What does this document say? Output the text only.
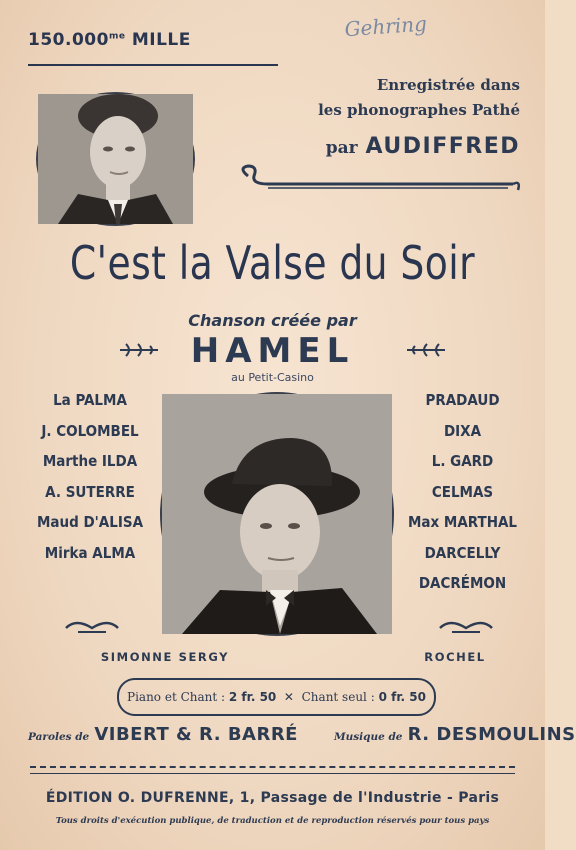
$150.000^{me}$ MILLE	Gehring
Enregistrée dans
les phonographes Pathé
par AUDIFFRED
C'est la Valse du Soir
Chanson créée par
HAMEL
au Petit-Casino
La PALMA
J. COLOMBEL
Marthe ILDA
A. SUTERRE
Maud D'ALISA
Mirka ALMA
PRADAUD
DIXA
L. GARD
CELMAS
Max MARTHAL
DARCELLY
DACRÉMON
SIMONNE SERGY	ROCHEL
Piano et Chant : 2 fr. 50  ✕  Chant seul : 0 fr. 50
Paroles de VIBERT & R. BARRÉ	Musique de R. DESMOULINS
ÉDITION O. DUFRENNE, 1, Passage de l'Industrie - Paris
Tous droits d'exécution publique, de traduction et de reproduction réservés pour tous pays
